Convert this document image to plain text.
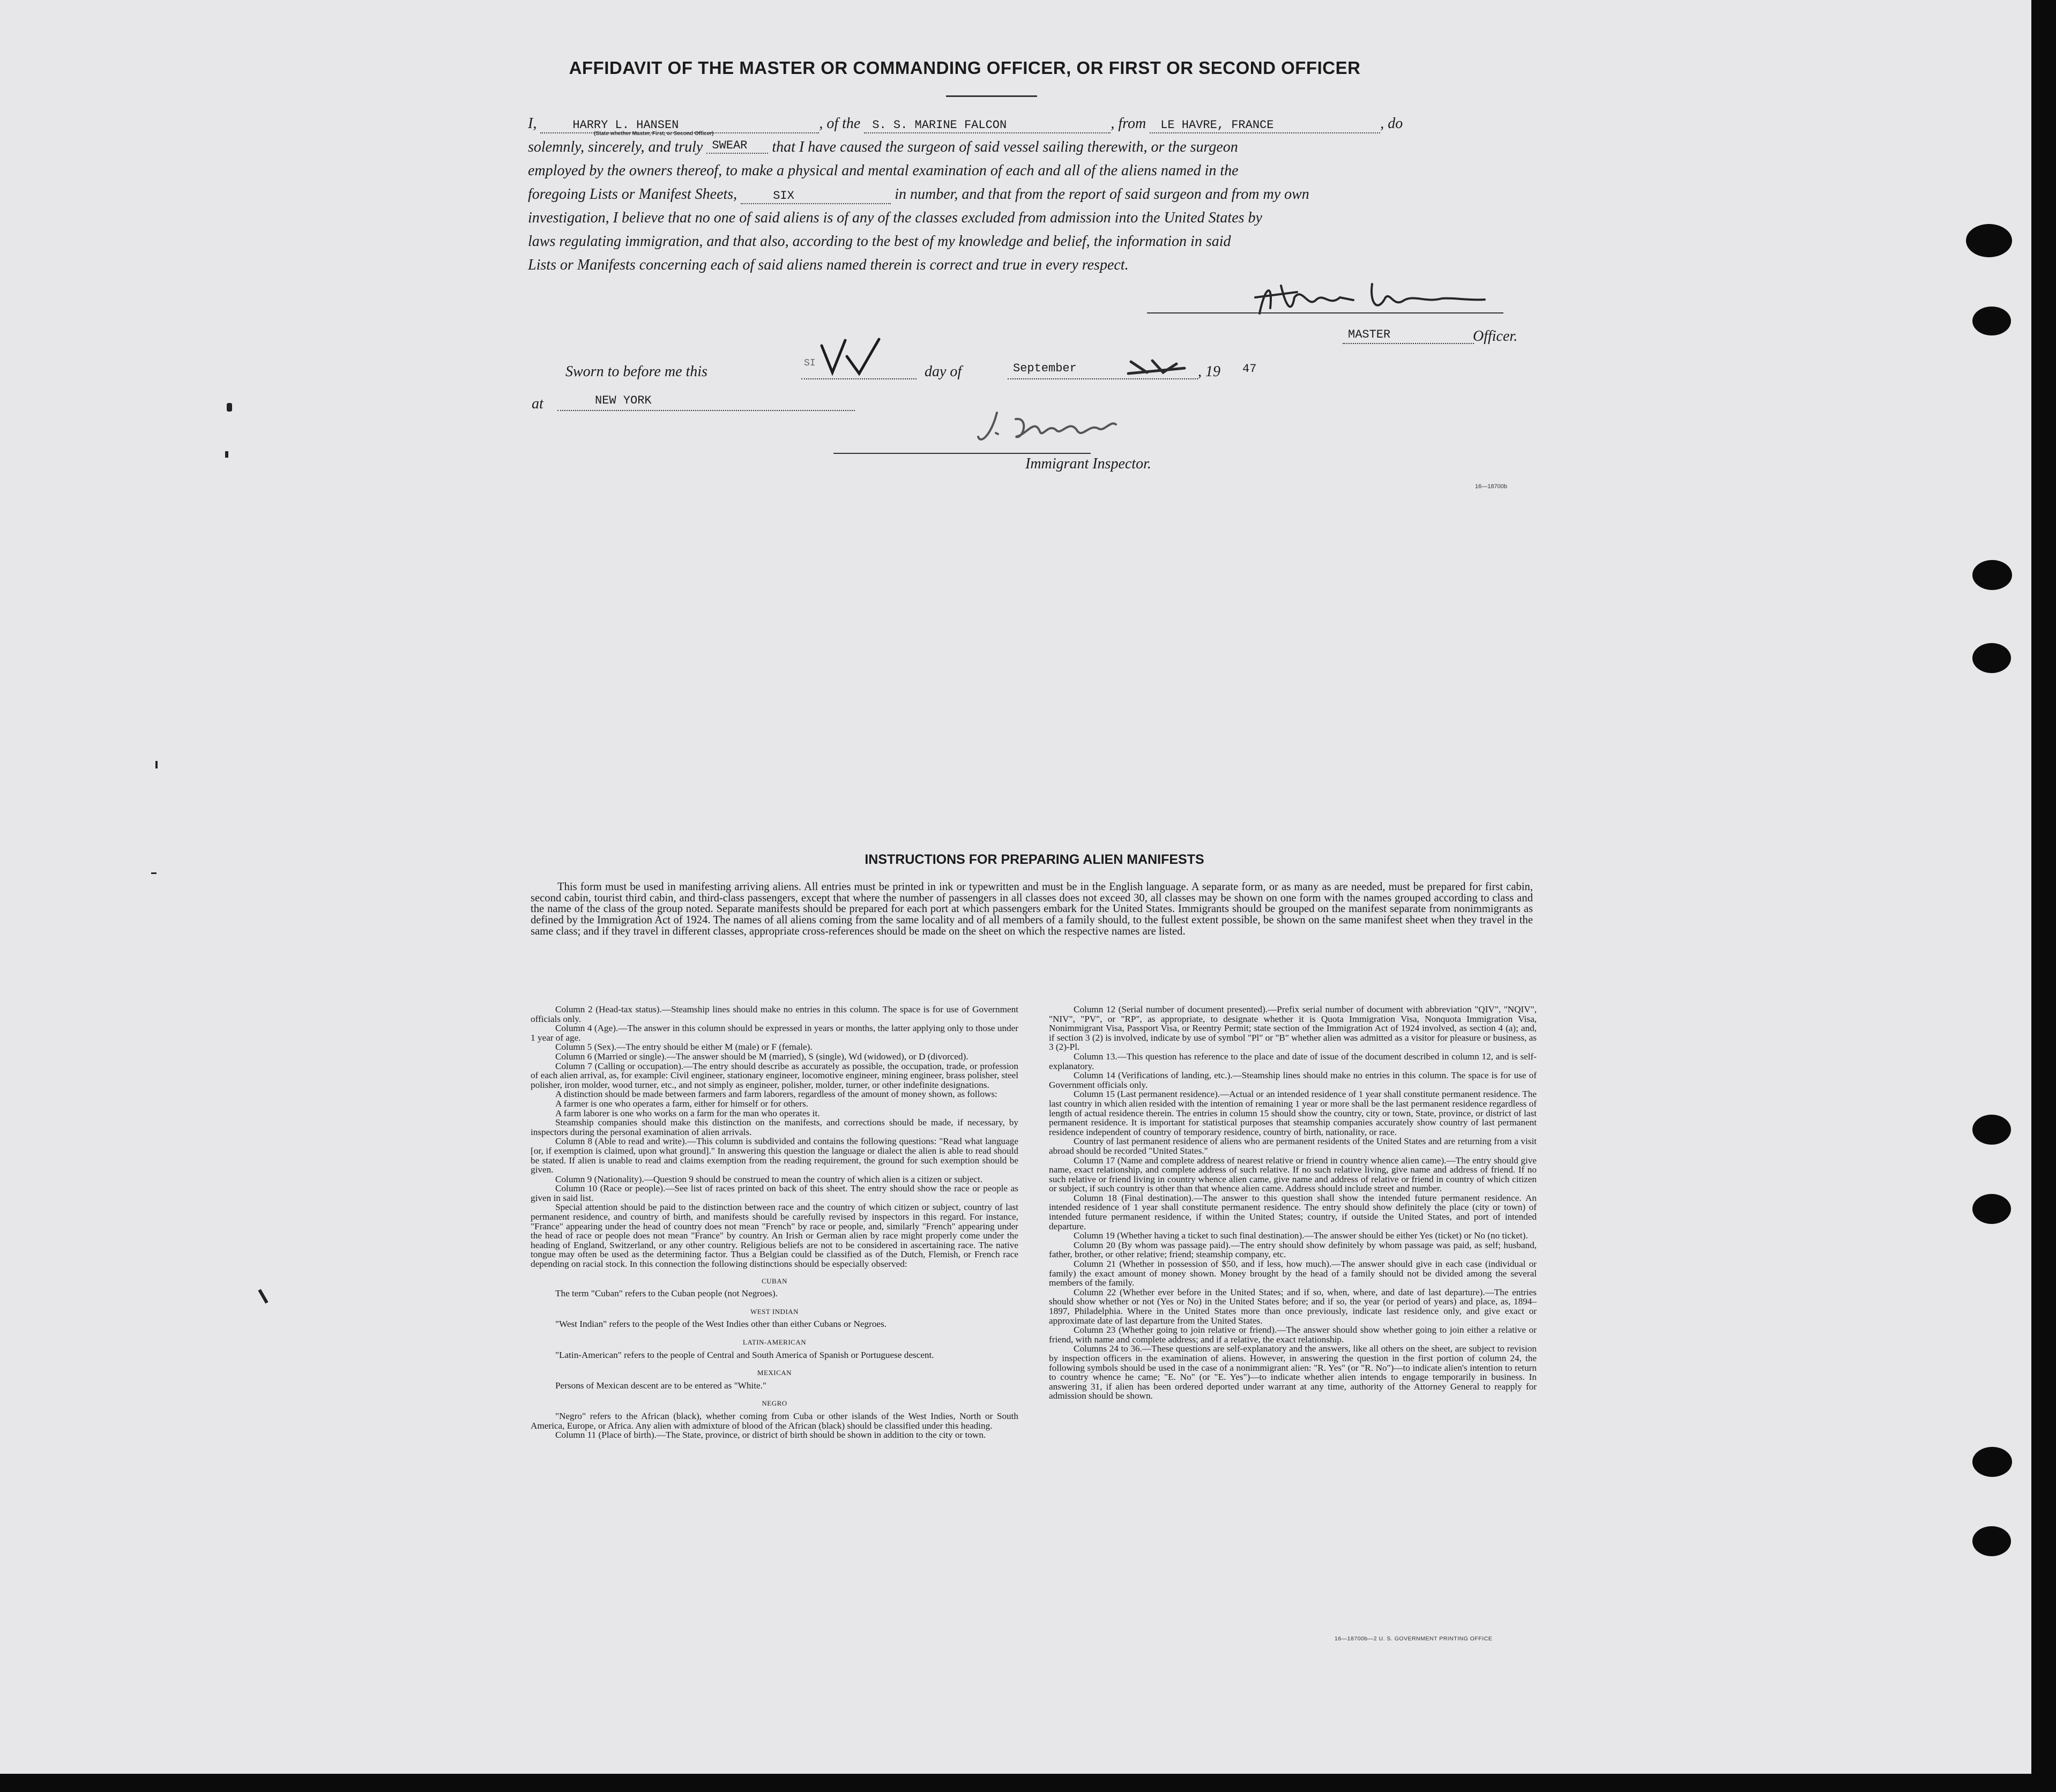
AFFIDAVIT OF THE MASTER OR COMMANDING OFFICER, OR FIRST OR SECOND OFFICER
I,	HARRY L. HANSEN	, of the S. S. MARINE FALCON	, from LE HAVRE, FRANCE	, do
(State whether Master, First, or Second Officer)
solemnly, sincerely, and truly SWEAR that I have caused the surgeon of said vessel sailing therewith, or the surgeon
employed by the owners thereof, to make a physical and mental examination of each and all of the aliens named in the
foregoing Lists or Manifest Sheets,	SIX	in number, and that from the report of said surgeon and from my own
investigation, I believe that no one of said aliens is of any of the classes excluded from admission into the United States by
laws regulating immigration, and that also, according to the best of my knowledge and belief, the information in said
Lists or Manifests concerning each of said aliens named therein is correct and true in every respect.
MASTER	Officer.
Sworn to before me this	SI	day of	September	, 19 47
at	NEW YORK
Immigrant Inspector.
16—18700b
INSTRUCTIONS FOR PREPARING ALIEN MANIFESTS

This form must be used in manifesting arriving aliens. All entries must be printed in ink or typewritten and must be in the English language. A separate form, or as many as are needed, must be prepared for first cabin, second cabin, tourist third cabin, and third-class passengers, except that where the number of passengers in all classes does not exceed 30, all classes may be shown on one form with the names grouped according to class and the name of the class of the group noted. Separate manifests should be prepared for each port at which passengers embark for the United States. Immigrants should be grouped on the manifest separate from nonimmigrants as defined by the Immigration Act of 1924. The names of all aliens coming from the same locality and of all members of a family should, to the fullest extent possible, be shown on the same manifest sheet when they travel in the same class; and if they travel in different classes, appropriate cross-references should be made on the sheet on which the respective names are listed.

Column 2 (Head-tax status).—Steamship lines should make no entries in this column. The space is for use of Government officials only.

Column 4 (Age).—The answer in this column should be expressed in years or months, the latter applying only to those under 1 year of age.

Column 5 (Sex).—The entry should be either M (male) or F (female).

Column 6 (Married or single).—The answer should be M (married), S (single), Wd (widowed), or D (divorced).

Column 7 (Calling or occupation).—The entry should describe as accurately as possible, the occupation, trade, or profession of each alien arrival, as, for example: Civil engineer, stationary engineer, locomotive engineer, mining engineer, brass polisher, steel polisher, iron molder, wood turner, etc., and not simply as engineer, polisher, molder, turner, or other indefinite designations.

A distinction should be made between farmers and farm laborers, regardless of the amount of money shown, as follows:

A farmer is one who operates a farm, either for himself or for others.

A farm laborer is one who works on a farm for the man who operates it.

Steamship companies should make this distinction on the manifests, and corrections should be made, if necessary, by inspectors during the personal examination of alien arrivals.

Column 8 (Able to read and write).—This column is subdivided and contains the following questions: "Read what language [or, if exemption is claimed, upon what ground]." In answering this question the language or dialect the alien is able to read should be stated. If alien is unable to read and claims exemption from the reading requirement, the ground for such exemption should be given.

Column 9 (Nationality).—Question 9 should be construed to mean the country of which alien is a citizen or subject.

Column 10 (Race or people).—See list of races printed on back of this sheet. The entry should show the race or people as given in said list.

Special attention should be paid to the distinction between race and the country of which citizen or subject, country of last permanent residence, and country of birth, and manifests should be carefully revised by inspectors in this regard. For instance, "France" appearing under the head of country does not mean "French" by race or people, and, similarly "French" appearing under the head of race or people does not mean "France" by country. An Irish or German alien by race might properly come under the heading of England, Switzerland, or any other country. Religious beliefs are not to be considered in ascertaining race. The native tongue may often be used as the determining factor. Thus a Belgian could be classified as of the Dutch, Flemish, or French race depending on racial stock. In this connection the following distinctions should be especially observed:

CUBAN

The term "Cuban" refers to the Cuban people (not Negroes).

WEST INDIAN

"West Indian" refers to the people of the West Indies other than either Cubans or Negroes.

LATIN-AMERICAN

"Latin-American" refers to the people of Central and South America of Spanish or Portuguese descent.

MEXICAN

Persons of Mexican descent are to be entered as "White."

NEGRO

"Negro" refers to the African (black), whether coming from Cuba or other islands of the West Indies, North or South America, Europe, or Africa. Any alien with admixture of blood of the African (black) should be classified under this heading.

Column 11 (Place of birth).—The State, province, or district of birth should be shown in addition to the city or town.

Column 12 (Serial number of document presented).—Prefix serial number of document with abbreviation "QIV", "NQIV", "NIV", "PV", or "RP", as appropriate, to designate whether it is Quota Immigration Visa, Nonquota Immigration Visa, Nonimmigrant Visa, Passport Visa, or Reentry Permit; state section of the Immigration Act of 1924 involved, as section 4 (a); and, if section 3 (2) is involved, indicate by use of symbol "Pl" or "B" whether alien was admitted as a visitor for pleasure or business, as 3 (2)-Pl.

Column 13.—This question has reference to the place and date of issue of the document described in column 12, and is self-explanatory.

Column 14 (Verifications of landing, etc.).—Steamship lines should make no entries in this column. The space is for use of Government officials only.

Column 15 (Last permanent residence).—Actual or an intended residence of 1 year shall constitute permanent residence. The last country in which alien resided with the intention of remaining 1 year or more shall be the last permanent residence regardless of length of actual residence therein. The entries in column 15 should show the country, city or town, State, province, or district of last permanent residence. It is important for statistical purposes that steamship companies accurately show country of last permanent residence independent of country of temporary residence, country of birth, nationality, or race.

Country of last permanent residence of aliens who are permanent residents of the United States and are returning from a visit abroad should be recorded "United States."

Column 17 (Name and complete address of nearest relative or friend in country whence alien came).—The entry should give name, exact relationship, and complete address of such relative. If no such relative living, give name and address of friend. If no such relative or friend living in country whence alien came, give name and address of relative or friend in country of which citizen or subject, if such country is other than that whence alien came. Address should include street and number.

Column 18 (Final destination).—The answer to this question shall show the intended future permanent residence. An intended residence of 1 year shall constitute permanent residence. The entry should show definitely the place (city or town) of intended future permanent residence, if within the United States; country, if outside the United States, and port of intended departure.

Column 19 (Whether having a ticket to such final destination).—The answer should be either Yes (ticket) or No (no ticket).

Column 20 (By whom was passage paid).—The entry should show definitely by whom passage was paid, as self; husband, father, brother, or other relative; friend; steamship company, etc.

Column 21 (Whether in possession of $50, and if less, how much).—The answer should give in each case (individual or family) the exact amount of money shown. Money brought by the head of a family should not be divided among the several members of the family.

Column 22 (Whether ever before in the United States; and if so, when, where, and date of last departure).—The entries should show whether or not (Yes or No) in the United States before; and if so, the year (or period of years) and place, as, 1894–1897, Philadelphia. Where in the United States more than once previously, indicate last residence only, and give exact or approximate date of last departure from the United States.

Column 23 (Whether going to join relative or friend).—The answer should show whether going to join either a relative or friend, with name and complete address; and if a relative, the exact relationship.

Columns 24 to 36.—These questions are self-explanatory and the answers, like all others on the sheet, are subject to revision by inspection officers in the examination of aliens. However, in answering the question in the first portion of column 24, the following symbols should be used in the case of a nonimmigrant alien: "R. Yes" (or "R. No")—to indicate alien's intention to return to country whence he came; "E. No" (or "E. Yes")—to indicate whether alien intends to engage temporarily in business. In answering 31, if alien has been ordered deported under warrant at any time, authority of the Attorney General to reapply for admission should be shown.

16—18700b—2 U. S. GOVERNMENT PRINTING OFFICE
